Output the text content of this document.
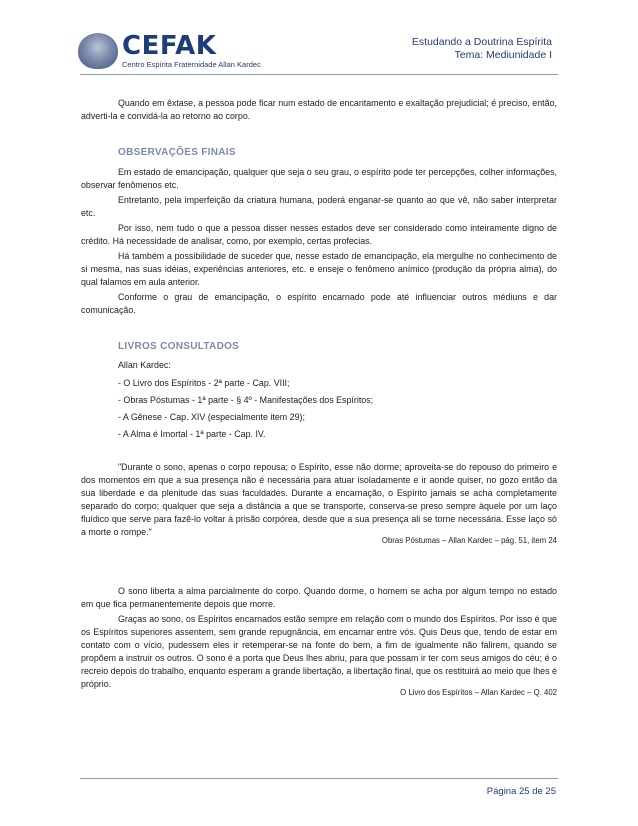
CEFAK
Centro Espírita Fraternidade Allan Kardec
Estudando a Doutrina Espírita
Tema: Mediunidade I

Quando em êxtase, a pessoa pode ficar num estado de encantamento e exaltação prejudicial; é preciso, então, adverti-la e convidá-la ao retorno ao corpo.

OBSERVAÇÕES FINAIS

Em estado de emancipação, qualquer que seja o seu grau, o espírito pode ter percepções, colher informações, observar fenômenos etc.

Entretanto, pela imperfeição da criatura humana, poderá enganar-se quanto ao que vê, não saber interpretar etc.

Por isso, nem tudo o que a pessoa disser nesses estados deve ser considerado como inteiramente digno de crédito. Há necessidade de analisar, como, por exemplo, certas profecias.

Há também a possibilidade de suceder que, nesse estado de emancipação, ela mergulhe no conhecimento de si mesma, nas suas idéias, experiências anteriores, etc. e enseje o fenômeno anímico (produção da própria alma), do qual falamos em aula anterior.

Conforme o grau de emancipação, o espírito encarnado pode até influenciar outros médiuns e dar comunicação.

LIVROS CONSULTADOS

Allan Kardec:
- O Livro dos Espíritos - 2ª parte - Cap. VIII;
- Obras Póstumas - 1ª parte - § 4º - Manifestações dos Espíritos;
- A Gênese - Cap. XIV (especialmente item 29);
- A Alma é Imortal - 1ª parte - Cap. IV.

"Durante o sono, apenas o corpo repousa; o Espírito, esse não dorme; aproveita-se do repouso do primeiro e dos momentos em que a sua presença não é necessária para atuar isoladamente e ir aonde quiser, no gozo então da sua liberdade e da plenitude das suas faculdades. Durante a encarnação, o Espírito jamais se acha completamente separado do corpo; qualquer que seja a distância a que se transporte, conserva-se preso sempre àquele por um laço fluídico que serve para fazê-lo voltar à prisão corpórea, desde que a sua presença ali se torne necessária. Esse laço só a morte o rompe."

Obras Póstumas – Allan Kardec – pág. 51, item 24

O sono liberta a alma parcialmente do corpo. Quando dorme, o homem se acha por algum tempo no estado em que fica permanentemente depois que morre.

Graças ao sono, os Espíritos encarnados estão sempre em relação com o mundo dos Espíritos. Por isso é que os Espíritos superiores assentem, sem grande repugnância, em encarnar entre vós. Quis Deus que, tendo de estar em contato com o vício, pudessem eles ir retemperar-se na fonte do bem, a fim de igualmente não falirem, quando se propõem a instruir os outros. O sono é a porta que Deus lhes abriu, para que possam ir ter com seus amigos do céu; é o recreio depois do trabalho, enquanto esperam a grande libertação, a libertação final, que os restituirá ao meio que lhes é próprio.

O Livro dos Espíritos – Allan Kardec – Q. 402
Página 25 de 25
